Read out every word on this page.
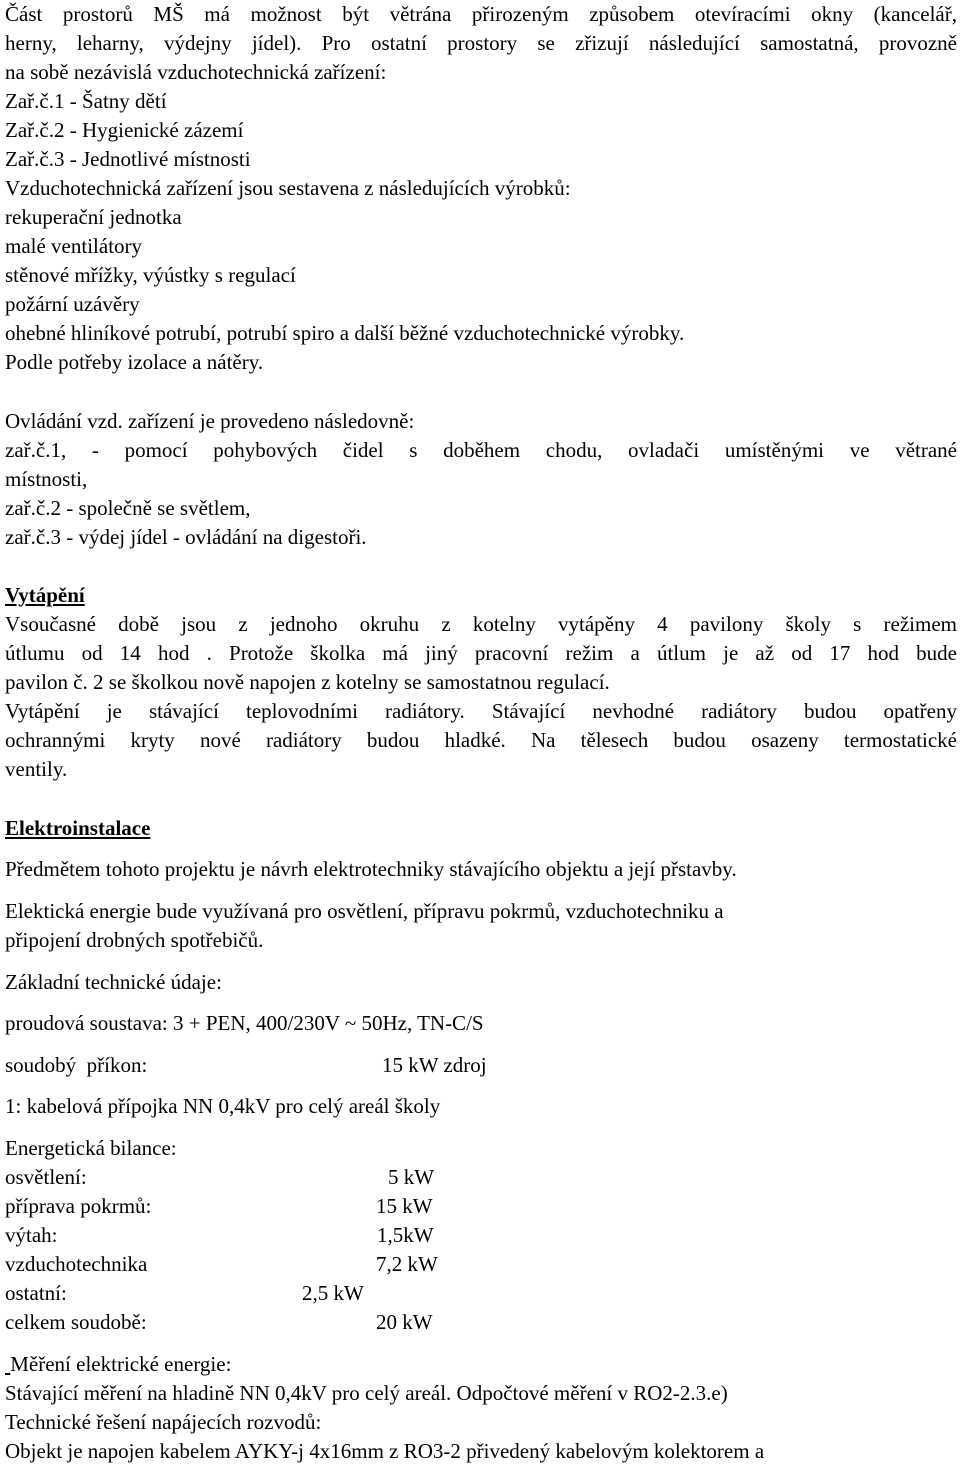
Část prostorů MŠ má možnost být větrána přirozeným způsobem otevíracími okny (kancelář,
herny, leharny, výdejny jídel). Pro ostatní prostory se zřizují následující samostatná, provozně
na sobě nezávislá vzduchotechnická zařízení:
Zař.č.1 - Šatny dětí
Zař.č.2 - Hygienické zázemí
Zař.č.3 - Jednotlivé místnosti
Vzduchotechnická zařízení jsou sestavena z následujících výrobků:
rekuperační jednotka
malé ventilátory
stěnové mřížky, výústky s regulací
požární uzávěry
ohebné hliníkové potrubí, potrubí spiro a další běžné vzduchotechnické výrobky.
Podle potřeby izolace a nátěry.
Ovládání vzd. zařízení je provedeno následovně:
zař.č.1, - pomocí pohybových čidel s doběhem chodu, ovladači umístěnými ve větrané
místnosti,
zař.č.2 - společně se světlem,
zař.č.3 - výdej jídel - ovládání na digestoři.
Vytápění
Vsoučasné době jsou z jednoho okruhu z kotelny vytápěny 4 pavilony školy s režimem
útlumu od 14 hod . Protože školka má jiný pracovní režim a útlum je až od 17 hod bude
pavilon č. 2 se školkou nově napojen z kotelny se samostatnou regulací.
Vytápění je stávající teplovodními radiátory. Stávající nevhodné radiátory budou opatřeny
ochrannými kryty nové radiátory budou hladké. Na tělesech budou osazeny termostatické
ventily.
Elektroinstalace
Předmětem tohoto projektu je návrh elektrotechniky stávajícího objektu a její přstavby.
Elektická energie bude využívaná pro osvětlení, přípravu pokrmů, vzduchotechniku a
připojení drobných spotřebičů.
Základní technické údaje:
proudová soustava: 3 + PEN, 400/230V ~ 50Hz, TN-C/S
soudobý  příkon:	15 kW zdroj
1: kabelová přípojka NN 0,4kV pro celý areál školy
Energetická bilance:
osvětlení:	5 kW
příprava pokrmů:	15 kW
výtah:	1,5kW
vzduchotechnika	7,2 kW
ostatní:	2,5 kW
celkem soudobě:	20 kW
Měření elektrické energie:
Stávající měření na hladině NN 0,4kV pro celý areál. Odpočtové měření v RO2-2.3.e)
Technické řešení napájecích rozvodů:
Objekt je napojen kabelem AYKY-j 4x16mm z RO3-2 přivedený kabelovým kolektorem a
